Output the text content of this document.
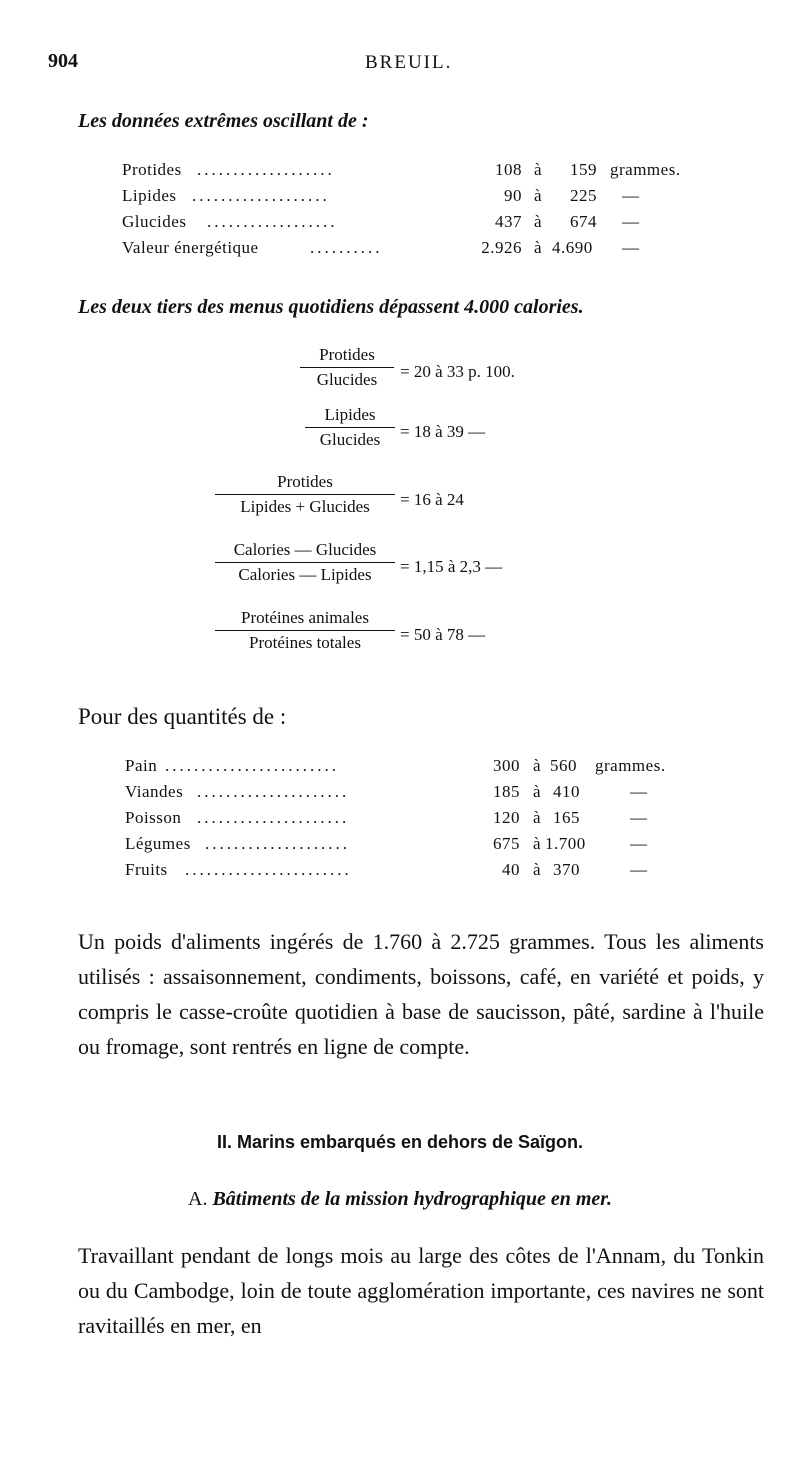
904	BREUIL.
Les données extrêmes oscillant de :
Protides ...................	108 à 159 grammes.
Lipides ...................	90 à 225 —
Glucides ..................	437 à 674 —
Valeur énergétique	..........	2.926 à 4.690 —
Les deux tiers des menus quotidiens dépassent 4.000 calories.
Protides
Glucides	= 20 à 33 p. 100.
Lipides
Glucides	= 18 à 39 —
Protides
Lipides + Glucides	= 16 à 24
Calories — Glucides
Calories — Lipides	= 1,15 à 2,3 —
Protéines animales
Protéines totales	= 50 à 78 —
Pour des quantités de :
Pain ........................	300 à 560 grammes.
Viandes .....................	185 à 410	—
Poisson .....................	120 à 165	—
Légumes ....................	675 à 1.700	—
Fruits .......................	40 à 370	—

Un poids d'aliments ingérés de 1.760 à 2.725 grammes. Tous les aliments utilisés : assaisonnement, condiments, boissons, café, en variété et poids, y compris le casse-croûte quotidien à base de saucisson, pâté, sardine à l'huile ou fromage, sont rentrés en ligne de compte.

II. Marins embarqués en dehors de Saïgon.
A. Bâtiments de la mission hydrographique en mer.

Travaillant pendant de longs mois au large des côtes de l'Annam, du Tonkin ou du Cambodge, loin de toute agglomération importante, ces navires ne sont ravitaillés en mer, en
